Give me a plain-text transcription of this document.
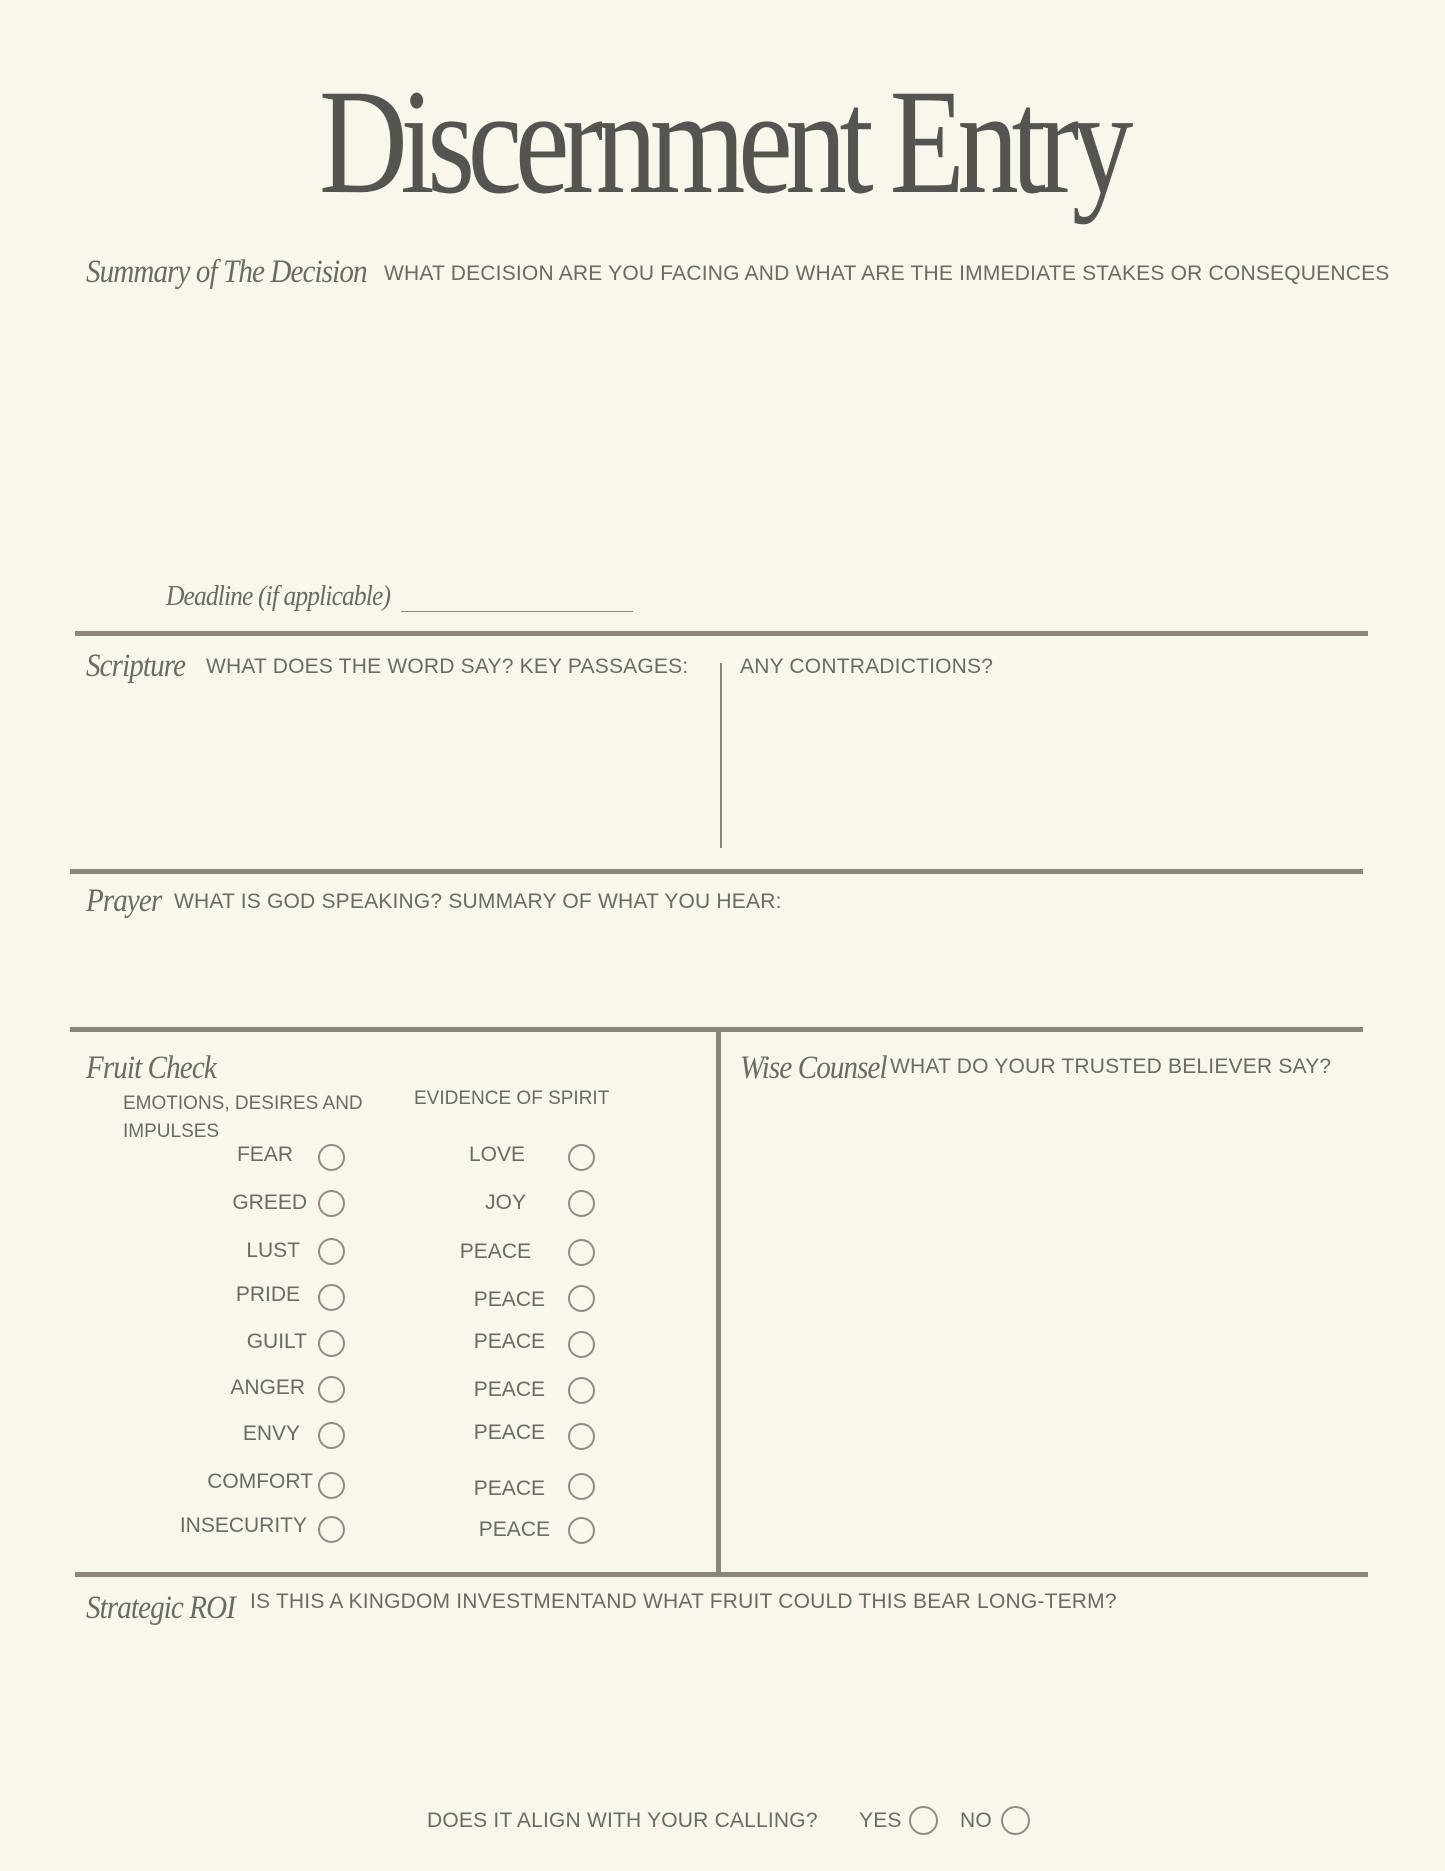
Discernment Entry
Summary of The Decision WHAT DECISION ARE YOU FACING AND WHAT ARE THE IMMEDIATE STAKES OR CONSEQUENCES
Deadline (if applicable)
Scripture WHAT DOES THE WORD SAY? KEY PASSAGES: ANY CONTRADICTIONS?
Prayer WHAT IS GOD SPEAKING? SUMMARY OF WHAT YOU HEAR:
Fruit Check
EMOTIONS, DESIRES AND IMPULSES
EVIDENCE OF SPIRIT
FEAR
GREED
LUST
PRIDE
GUILT
ANGER
ENVY
COMFORT
INSECURITY
LOVE
JOY
PEACE
PEACE
PEACE
PEACE
PEACE
PEACE
PEACE
Wise Counsel WHAT DO YOUR TRUSTED BELIEVER SAY?
Strategic ROI IS THIS A KINGDOM INVESTMENTAND WHAT FRUIT COULD THIS BEAR LONG-TERM?
DOES IT ALIGN WITH YOUR CALLING? YES	NO
